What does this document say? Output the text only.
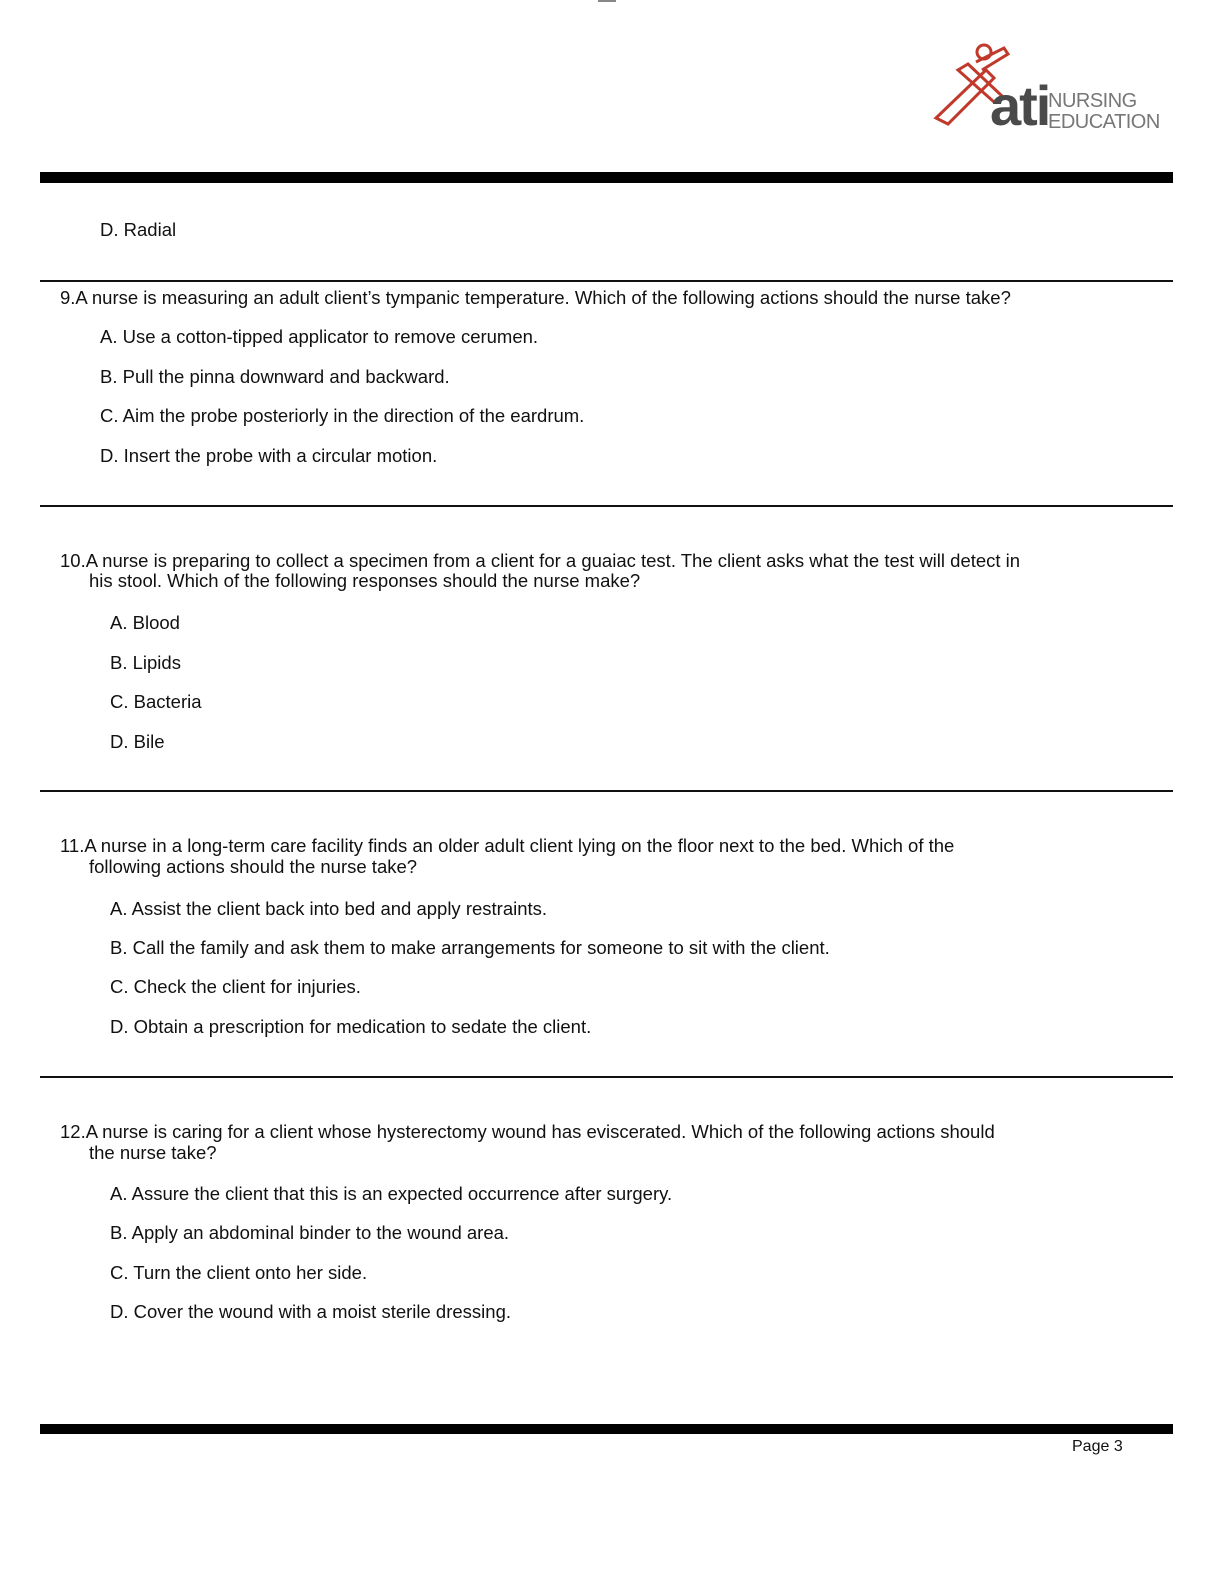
ati
NURSING
EDUCATION
D. Radial
9.A nurse is measuring an adult client’s tympanic temperature. Which of the following actions should the nurse take?
A. Use a cotton-tipped applicator to remove cerumen.
B. Pull the pinna downward and backward.
C. Aim the probe posteriorly in the direction of the eardrum.
D. Insert the probe with a circular motion.
10.A nurse is preparing to collect a specimen from a client for a guaiac test. The client asks what the test will detect in
his stool. Which of the following responses should the nurse make?
A. Blood
B. Lipids
C. Bacteria
D. Bile
11.A nurse in a long-term care facility finds an older adult client lying on the floor next to the bed. Which of the
following actions should the nurse take?
A. Assist the client back into bed and apply restraints.
B. Call the family and ask them to make arrangements for someone to sit with the client.
C. Check the client for injuries.
D. Obtain a prescription for medication to sedate the client.
12.A nurse is caring for a client whose hysterectomy wound has eviscerated. Which of the following actions should
the nurse take?
A. Assure the client that this is an expected occurrence after surgery.
B. Apply an abdominal binder to the wound area.
C. Turn the client onto her side.
D. Cover the wound with a moist sterile dressing.
Page 3
